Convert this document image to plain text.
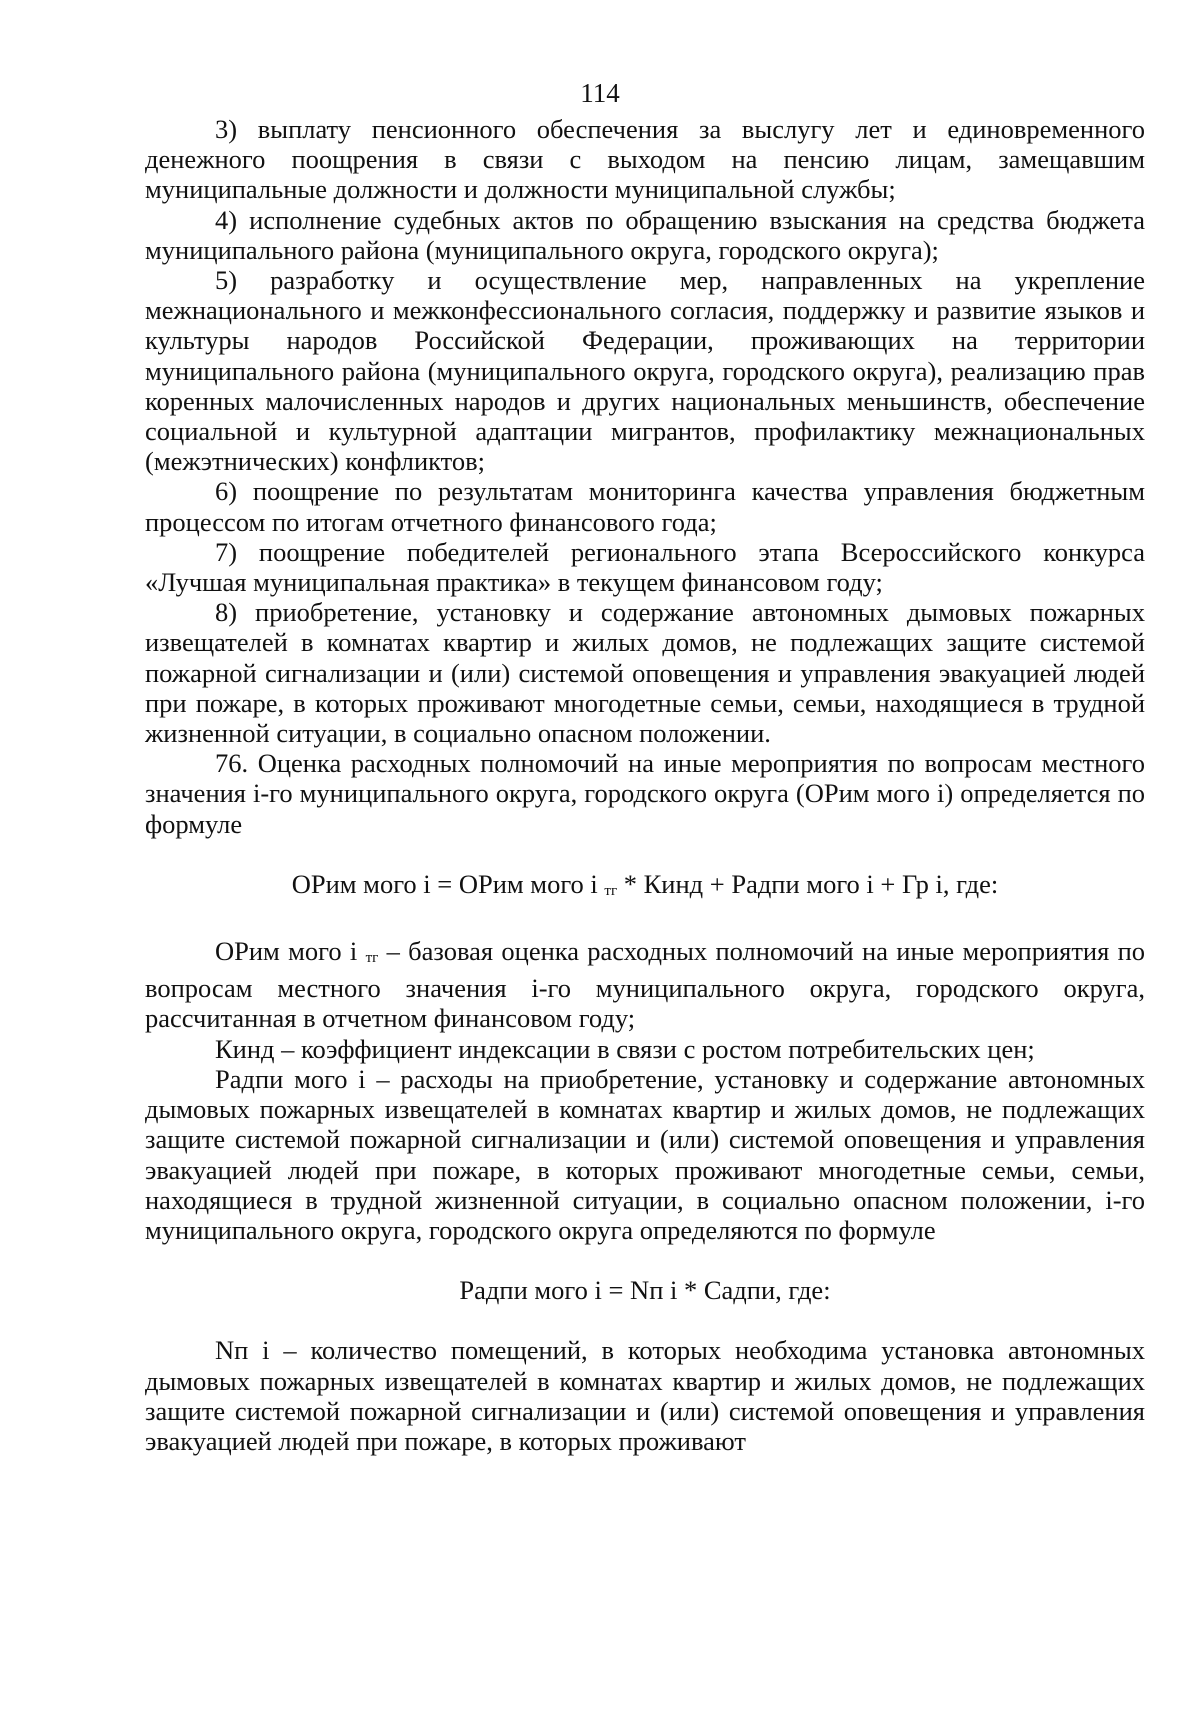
114

3) выплату пенсионного обеспечения за выслугу лет и единовременного денежного поощрения в связи с выходом на пенсию лицам, замещавшим муниципальные должности и должности муниципальной службы;

4) исполнение судебных актов по обращению взыскания на средства бюджета муниципального района (муниципального округа, городского округа);

5) разработку и осуществление мер, направленных на укрепление межнационального и межконфессионального согласия, поддержку и развитие языков и культуры народов Российской Федерации, проживающих на территории муниципального района (муниципального округа, городского округа), реализацию прав коренных малочисленных народов и других национальных меньшинств, обеспечение социальной и культурной адаптации мигрантов, профилактику межнациональных (межэтнических) конфликтов;

6) поощрение по результатам мониторинга качества управления бюджетным процессом по итогам отчетного финансового года;

7) поощрение победителей регионального этапа Всероссийского конкурса «Лучшая муниципальная практика» в текущем финансовом году;

8) приобретение, установку и содержание автономных дымовых пожарных извещателей в комнатах квартир и жилых домов, не подлежащих защите системой пожарной сигнализации и (или) системой оповещения и управления эвакуацией людей при пожаре, в которых проживают многодетные семьи, семьи, находящиеся в трудной жизненной ситуации, в социально опасном положении.

76. Оценка расходных полномочий на иные мероприятия по вопросам местного значения i-го муниципального округа, городского округа (ОРим мого i) определяется по формуле

ОРим мого i = ОРим мого i тг * Кинд + Радпи мого i + Гр i, где:

ОРим мого i тг – базовая оценка расходных полномочий на иные мероприятия по вопросам местного значения i-го муниципального округа, городского округа, рассчитанная в отчетном финансовом году;

Кинд – коэффициент индексации в связи с ростом потребительских цен;

Радпи мого i – расходы на приобретение, установку и содержание автономных дымовых пожарных извещателей в комнатах квартир и жилых домов, не подлежащих защите системой пожарной сигнализации и (или) системой оповещения и управления эвакуацией людей при пожаре, в которых проживают многодетные семьи, семьи, находящиеся в трудной жизненной ситуации, в социально опасном положении, i-го муниципального округа, городского округа определяются по формуле

Радпи мого i = Nп i * Садпи, где:

Nп i – количество помещений, в которых необходима установка автономных дымовых пожарных извещателей в комнатах квартир и жилых домов, не подлежащих защите системой пожарной сигнализации и (или) системой оповещения и управления эвакуацией людей при пожаре, в которых проживают
